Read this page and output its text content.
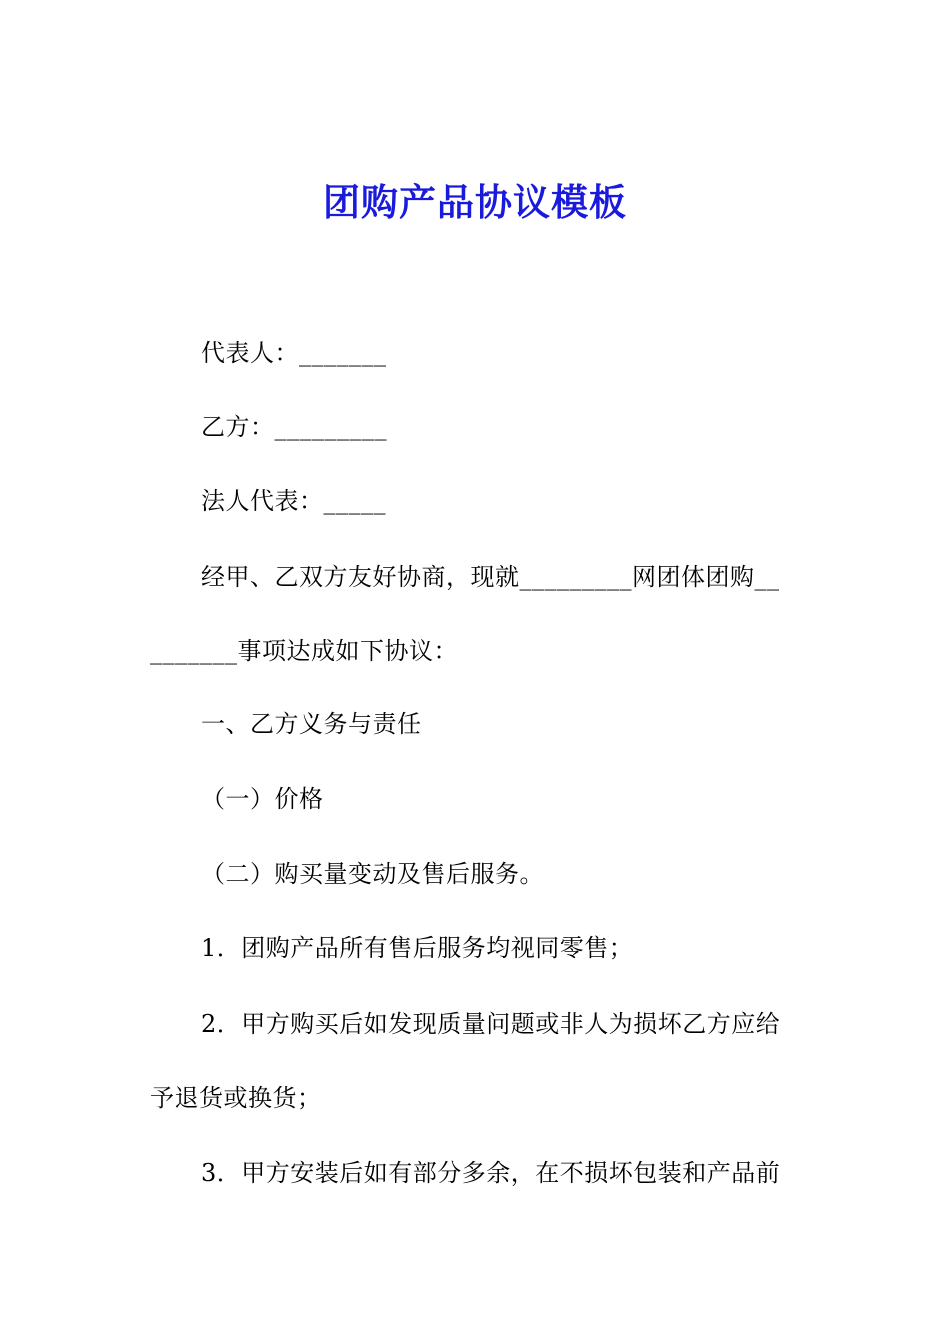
团购产品协议模板
代表人：_______
乙方：_________
法人代表：_____
经甲、乙双方友好协商，现就_________网团体团购__
_______事项达成如下协议：
一、乙方义务与责任
（一）价格
（二）购买量变动及售后服务。
1．团购产品所有售后服务均视同零售；
2．甲方购买后如发现质量问题或非人为损坏乙方应给
予退货或换货；
3．甲方安装后如有部分多余，在不损坏包装和产品前
